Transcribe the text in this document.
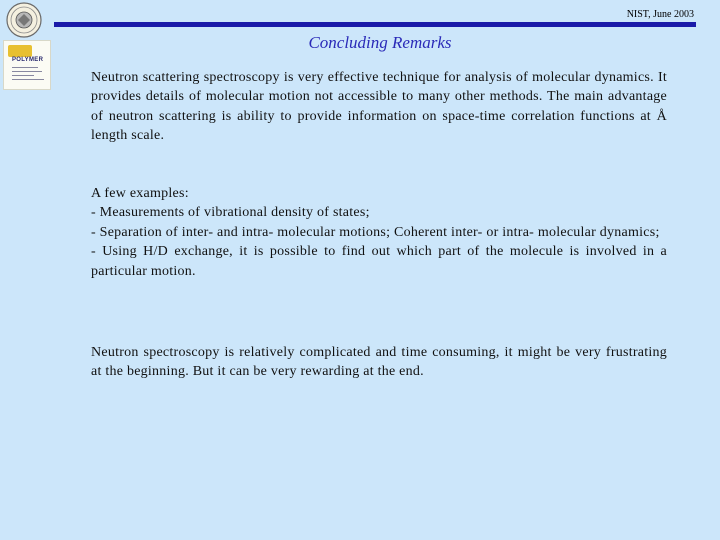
POLYMER
NIST, June 2003
Concluding Remarks
Neutron scattering spectroscopy is very effective technique for analysis of molecular dynamics. It provides details of molecular motion not accessible to many other methods. The main advantage of neutron scattering is ability to provide information on space-time correlation functions at Å length scale.
A few examples:
- Measurements of vibrational density of states;
- Separation of inter- and intra- molecular motions; Coherent inter- or intra- molecular dynamics;
- Using H/D exchange, it is possible to find out which part of the molecule is involved in a particular motion.
Neutron spectroscopy is relatively complicated and time consuming, it might be very frustrating at the beginning. But it can be very rewarding at the end.
